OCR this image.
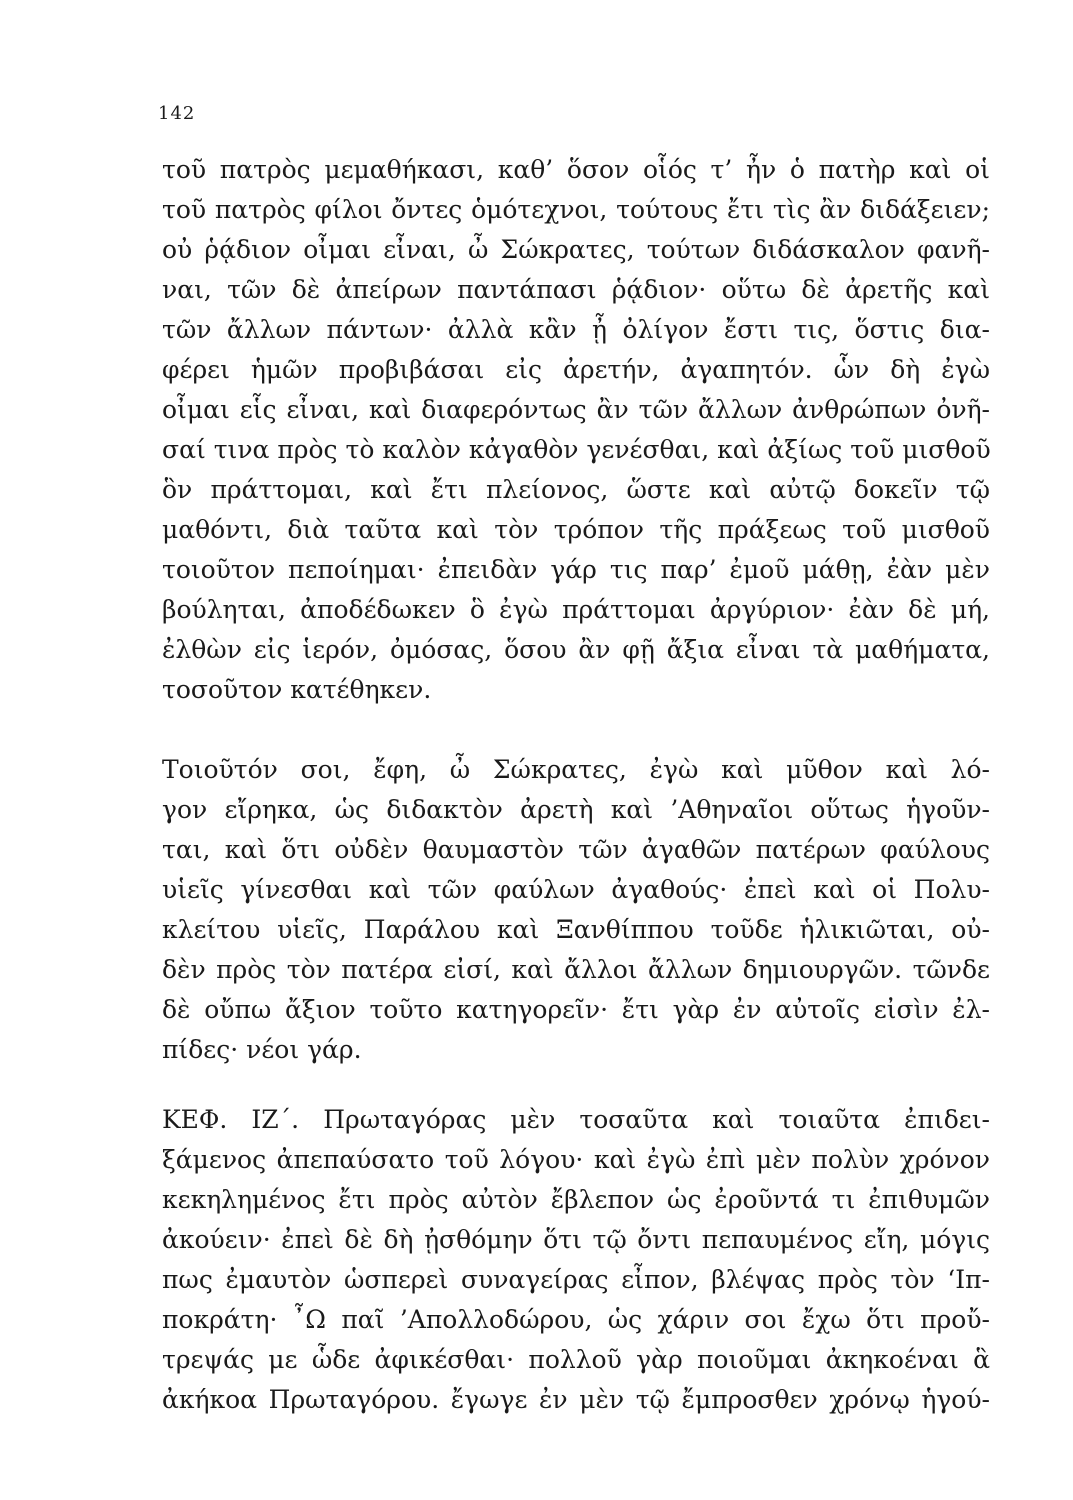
142
τοῦ πατρὸς μεμαθήκασι, καθ’ ὅσον οἷός τ’ ἦν ὁ πατὴρ καὶ οἱ
τοῦ πατρὸς φίλοι ὄντες ὁμότεχνοι, τούτους ἔτι τὶς ἂν διδάξειεν;
οὐ ῥᾴδιον οἶμαι εἶναι, ὦ Σώκρατες, τούτων διδάσκαλον φανῆ-
ναι, τῶν δὲ ἀπείρων παντάπασι ῥᾴδιον· οὕτω δὲ ἀρετῆς καὶ
τῶν ἄλλων πάντων· ἀλλὰ κἂν ᾖ ὀλίγον ἔστι τις, ὅστις δια-
φέρει ἡμῶν προβιβάσαι εἰς ἀρετήν, ἀγαπητόν. ὧν δὴ ἐγὼ
οἶμαι εἷς εἶναι, καὶ διαφερόντως ἂν τῶν ἄλλων ἀνθρώπων ὀνῆ-
σαί τινα πρὸς τὸ καλὸν κἀγαθὸν γενέσθαι, καὶ ἀξίως τοῦ μισθοῦ
ὃν πράττομαι, καὶ ἔτι πλείονος, ὥστε καὶ αὐτῷ δοκεῖν τῷ
μαθόντι, διὰ ταῦτα καὶ τὸν τρόπον τῆς πράξεως τοῦ μισθοῦ
τοιοῦτον πεποίημαι· ἐπειδὰν γάρ τις παρ’ ἐμοῦ μάθῃ, ἐὰν μὲν
βούληται, ἀποδέδωκεν ὃ ἐγὼ πράττομαι ἀργύριον· ἐὰν δὲ μή,
ἐλθὼν εἰς ἱερόν, ὀμόσας, ὅσου ἂν φῇ ἄξια εἶναι τὰ μαθήματα,
τοσοῦτον κατέθηκεν.
Τοιοῦτόν σοι, ἔφη, ὦ Σώκρατες, ἐγὼ καὶ μῦθον καὶ λό-
γον εἴρηκα, ὡς διδακτὸν ἀρετὴ καὶ ’Αθηναῖοι οὕτως ἡγοῦν-
ται, καὶ ὅτι οὐδὲν θαυμαστὸν τῶν ἀγαθῶν πατέρων φαύλους
υἱεῖς γίνεσθαι καὶ τῶν φαύλων ἀγαθούς· ἐπεὶ καὶ οἱ Πολυ-
κλείτου υἱεῖς, Παράλου καὶ Ξανθίππου τοῦδε ἡλικιῶται, οὐ-
δὲν πρὸς τὸν πατέρα εἰσί, καὶ ἄλλοι ἄλλων δημιουργῶν. τῶνδε
δὲ οὔπω ἄξιον τοῦτο κατηγορεῖν· ἔτι γὰρ ἐν αὐτοῖς εἰσὶν ἐλ-
πίδες· νέοι γάρ.
ΚΕΦ. ΙΖ΄. Πρωταγόρας μὲν τοσαῦτα καὶ τοιαῦτα ἐπιδει-
ξάμενος ἀπεπαύσατο τοῦ λόγου· καὶ ἐγὼ ἐπὶ μὲν πολὺν χρόνον
κεκηλημένος ἔτι πρὸς αὐτὸν ἔβλεπον ὡς ἐροῦντά τι ἐπιθυμῶν
ἀκούειν· ἐπεὶ δὲ δὴ ᾐσθόμην ὅτι τῷ ὄντι πεπαυμένος εἴη, μόγις
πως ἐμαυτὸν ὡσπερεὶ συναγείρας εἶπον, βλέψας πρὸς τὸν ‘Ιπ-
ποκράτη· ῏Ω παῖ ’Απολλοδώρου, ὡς χάριν σοι ἔχω ὅτι προὔ-
τρεψάς με ὧδε ἀφικέσθαι· πολλοῦ γὰρ ποιοῦμαι ἀκηκοέναι ἃ
ἀκήκοα Πρωταγόρου. ἔγωγε ἐν μὲν τῷ ἔμπροσθεν χρόνῳ ἡγού-
